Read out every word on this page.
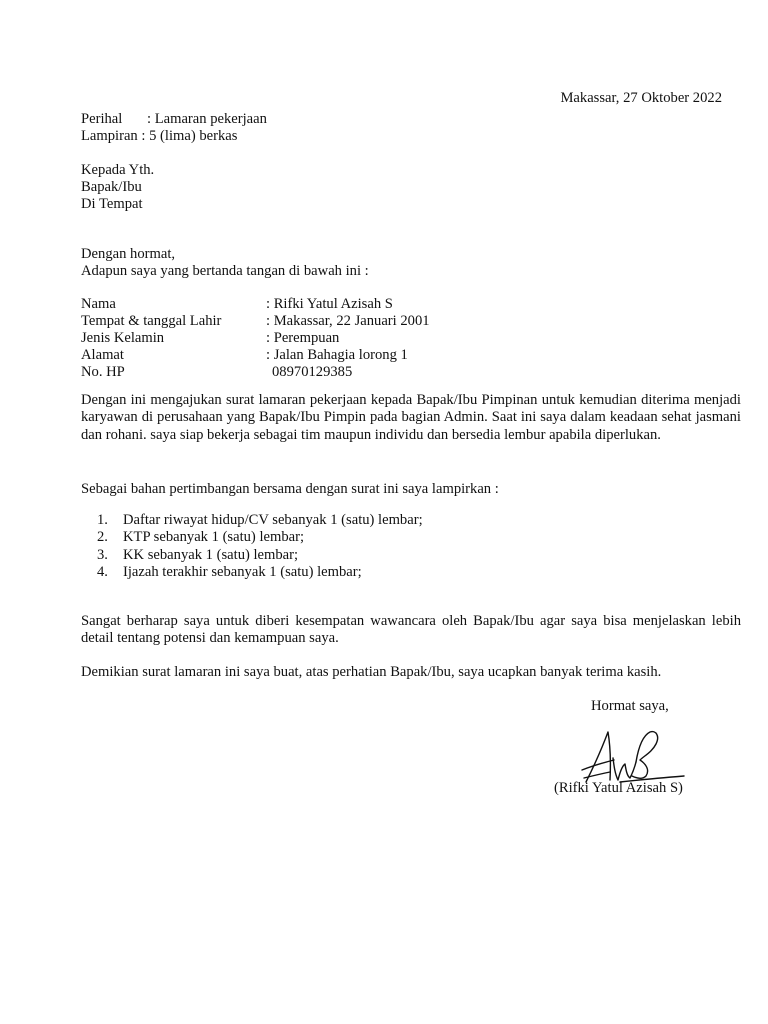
Makassar, 27 Oktober 2022
Perihal : Lamaran pekerjaan
Lampiran : 5 (lima) berkas
Kepada Yth.
Bapak/Ibu
Di Tempat
Dengan hormat,
Adapun saya yang bertanda tangan di bawah ini :
Nama	: Rifki Yatul Azisah S
Tempat & tanggal Lahir	: Makassar, 22 Januari 2001
Jenis Kelamin	: Perempuan
Alamat	: Jalan Bahagia lorong 1
No. HP	08970129385
Dengan ini mengajukan surat lamaran pekerjaan kepada Bapak/Ibu Pimpinan untuk kemudian diterima menjadi karyawan di perusahaan yang Bapak/Ibu Pimpin pada bagian Admin. Saat ini saya dalam keadaan sehat jasmani dan rohani. saya siap bekerja sebagai tim maupun individu dan bersedia lembur apabila diperlukan.
Sebagai bahan pertimbangan bersama dengan surat ini saya lampirkan :
1. Daftar riwayat hidup/CV sebanyak 1 (satu) lembar;
2. KTP sebanyak 1 (satu) lembar;
3. KK sebanyak 1 (satu) lembar;
4. Ijazah terakhir sebanyak 1 (satu) lembar;
Sangat berharap saya untuk diberi kesempatan wawancara oleh Bapak/Ibu agar saya bisa menjelaskan lebih detail tentang potensi dan kemampuan saya.
Demikian surat lamaran ini saya buat, atas perhatian Bapak/Ibu, saya ucapkan banyak terima kasih.
Hormat saya,
(Rifki Yatul Azisah S)
